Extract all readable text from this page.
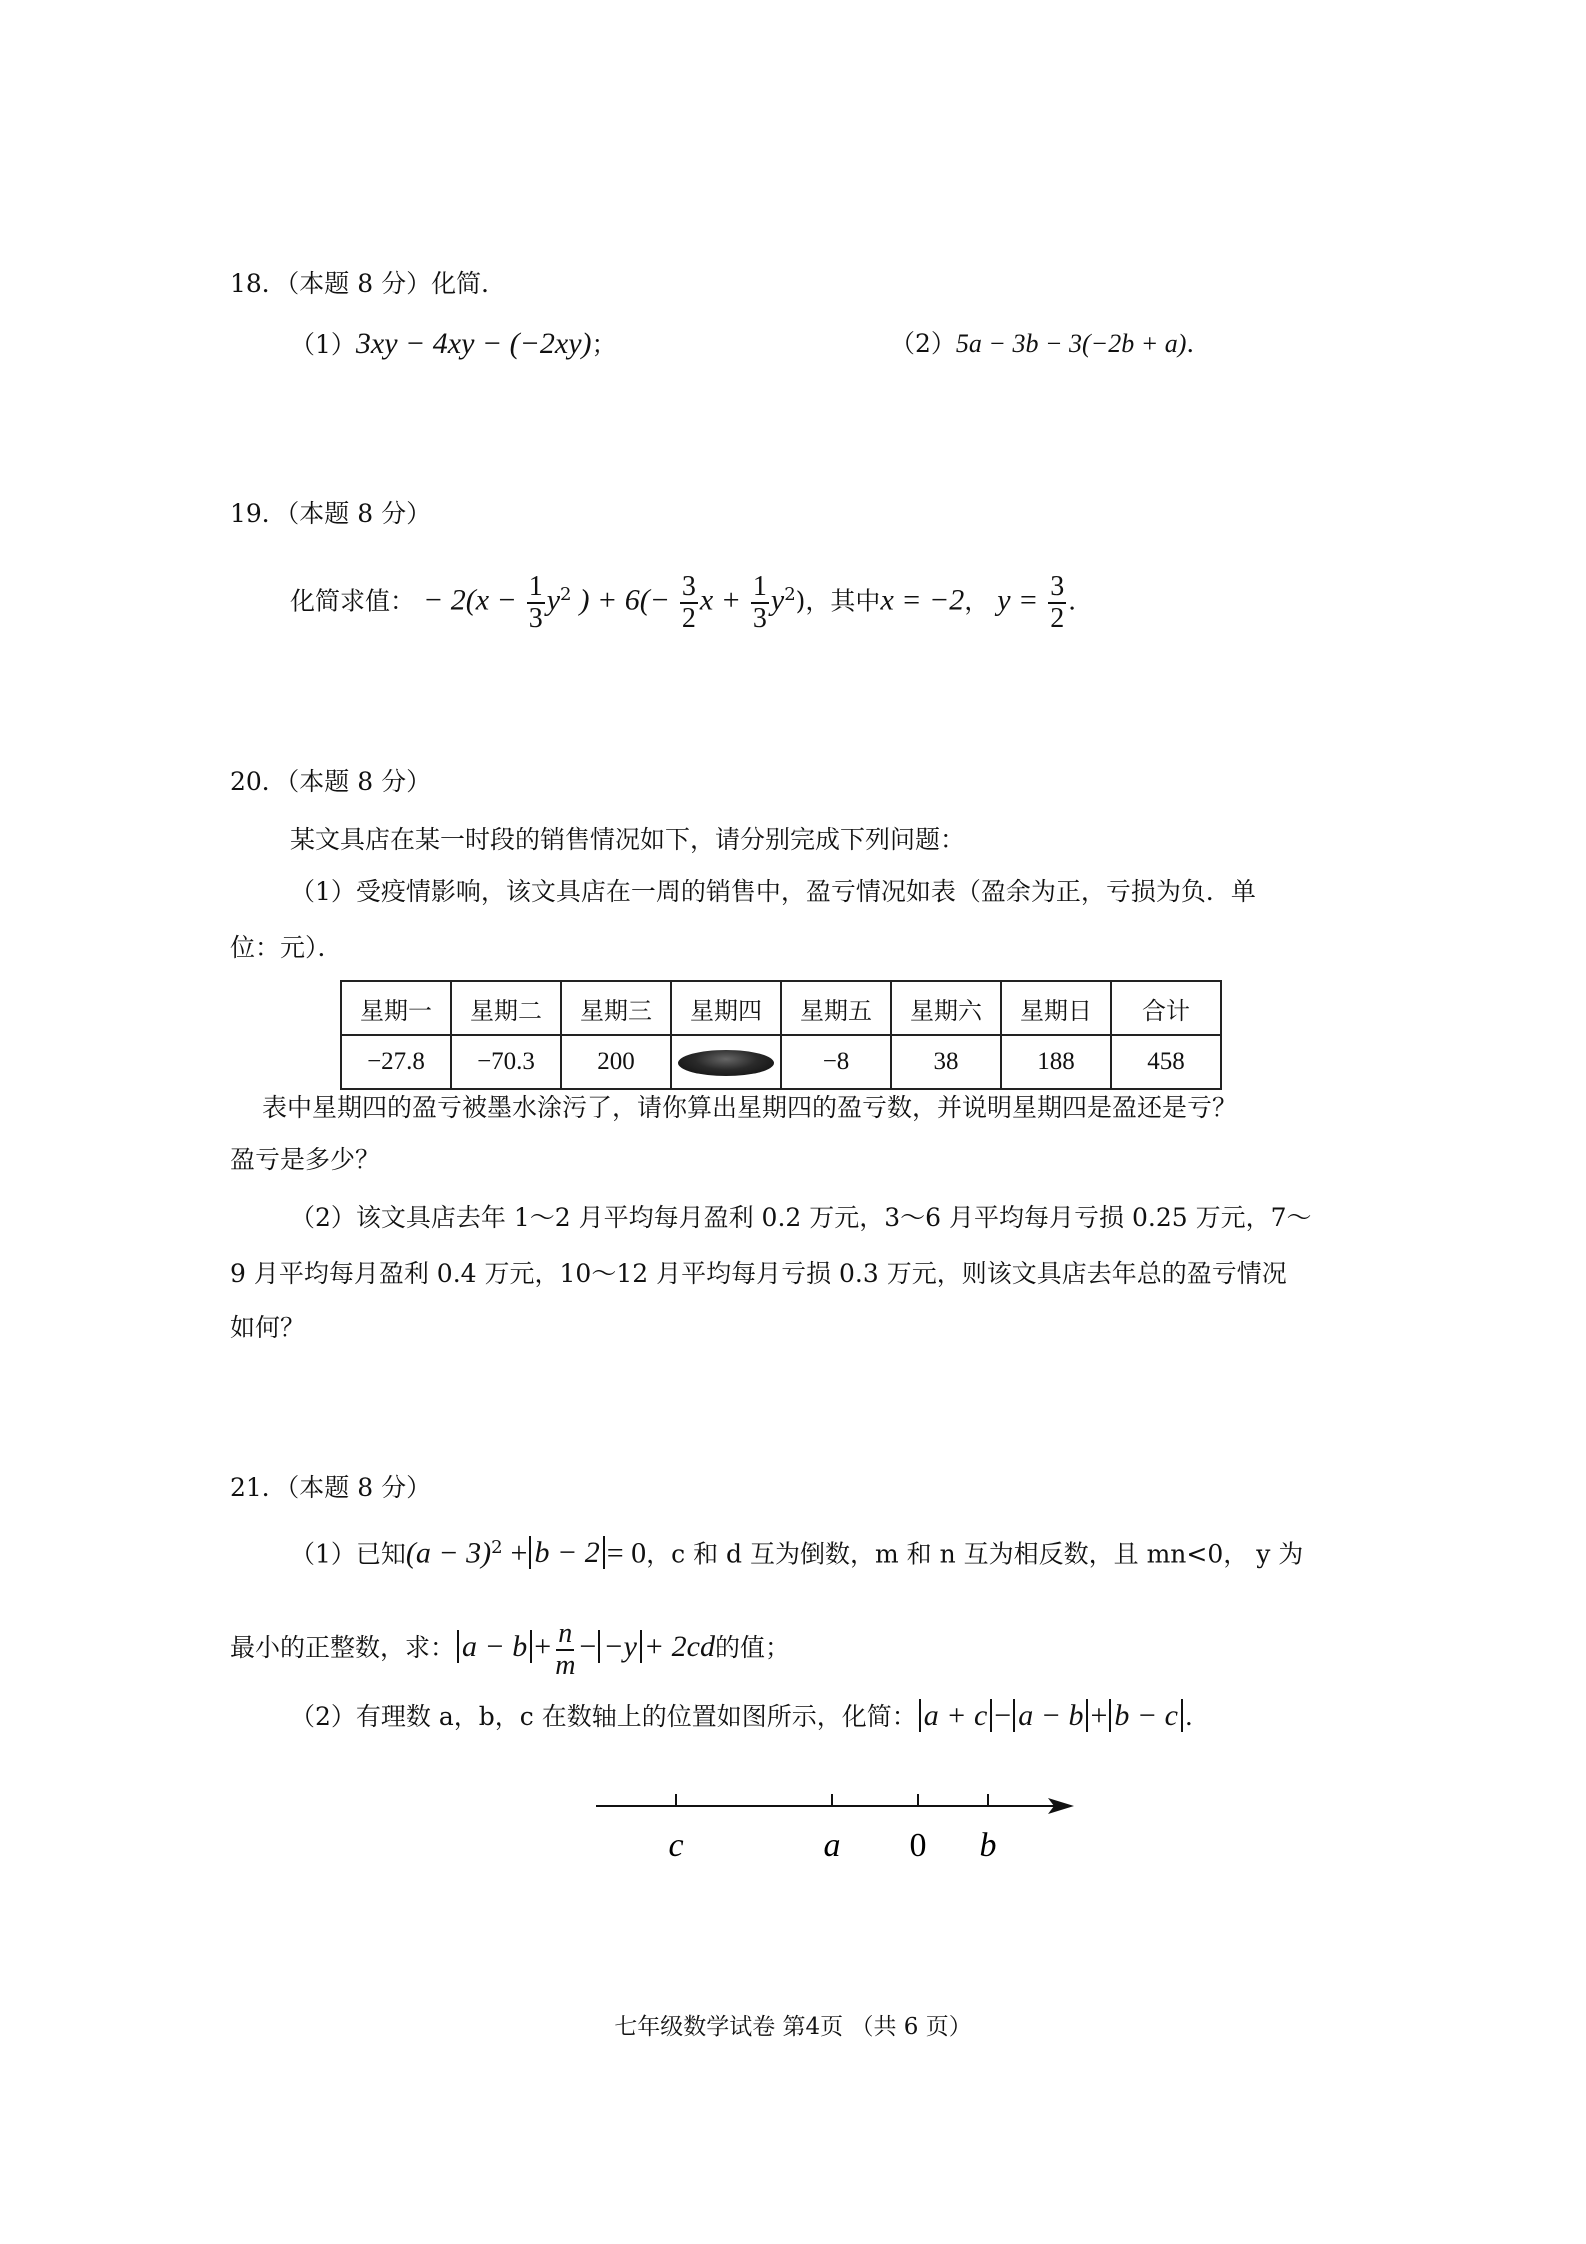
18．（本题 8 分）化简．
（1）3xy − 4xy − (−2xy)；	（2）5a − 3b − 3(−2b + a)．
19．（本题 8 分）
化简求值： − $2(x - \frac{1}{3} y^2$ ) + $6(- \frac{3}{2}$ $x + \frac{1}{3} y^2$)，其中x = −2， $y = \frac{3}{2}$ ．
20．（本题 8 分）
某文具店在某一时段的销售情况如下，请分别完成下列问题：
（1）受疫情影响，该文具店在一周的销售中，盈亏情况如表（盈余为正，亏损为负．单
位：元）．
星期一	星期二	星期三	星期四	星期五	星期六	星期日	合计
−27.8	−70.3	200		−8	38	188	458
表中星期四的盈亏被墨水涂污了，请你算出星期四的盈亏数，并说明星期四是盈还是亏？
盈亏是多少？
（2）该文具店去年 1～2 月平均每月盈利 0.2 万元，3～6 月平均每月亏损 0.25 万元，7～
9 月平均每月盈利 0.4 万元，10～12 月平均每月亏损 0.3 万元，则该文具店去年总的盈亏情况
如何？
21．（本题 8 分）
（1）已知$(a - 3)^2 + b - 2 = 0$，c 和 d 互为倒数，m 和 n 互为相反数，且 mn<0， y 为
最小的正整数，求： $a - b + \frac{n}{m} - -y + 2cd$的值；
（2）有理数 a，b，c 在数轴上的位置如图所示，化简： a + c − a − b + b − c ．
c	a 0 b
七年级数学试卷 第4页 （共 6 页）
